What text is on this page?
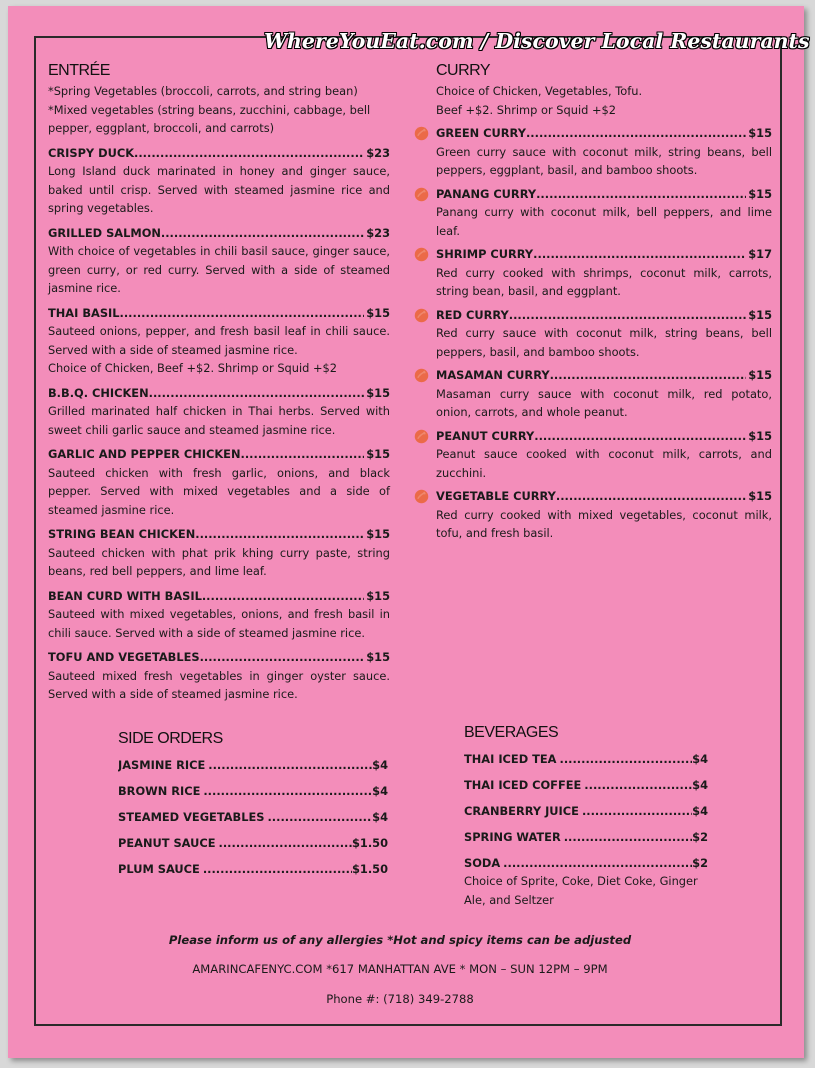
WhereYouEat.com / Discover Local Restaurants
ENTRÉE

*Spring Vegetables (broccoli, carrots, and string bean)

*Mixed vegetables (string beans, zucchini, cabbage, bell pepper, eggplant, broccoli, and carrots)

CRISPY DUCK .....	$23
Long Island duck marinated in honey and ginger sauce, baked until crisp. Served with steamed jasmine rice and spring vegetables.
GRILLED SALMON .....	$23
With choice of vegetables in chili basil sauce, ginger sauce, green curry, or red curry. Served with a side of steamed jasmine rice.
THAI BASIL .....	$15
Sauteed onions, pepper, and fresh basil leaf in chili sauce. Served with a side of steamed jasmine rice.
Choice of Chicken, Beef +$2. Shrimp or Squid +$2
B.B.Q. CHICKEN .....	$15
Grilled marinated half chicken in Thai herbs. Served with sweet chili garlic sauce and steamed jasmine rice.
GARLIC AND PEPPER CHICKEN .....	$15
Sauteed chicken with fresh garlic, onions, and black pepper. Served with mixed vegetables and a side of steamed jasmine rice.
STRING BEAN CHICKEN .....	$15
Sauteed chicken with phat prik khing curry paste, string beans, red bell peppers, and lime leaf.
BEAN CURD WITH BASIL .....	$15
Sauteed with mixed vegetables, onions, and fresh basil in chili sauce. Served with a side of steamed jasmine rice.
TOFU AND VEGETABLES .....	$15
Sauteed mixed fresh vegetables in ginger oyster sauce. Served with a side of steamed jasmine rice.
CURRY

Choice of Chicken, Vegetables, Tofu.

Beef +$2. Shrimp or Squid +$2

GREEN CURRY .....	$15
Green curry sauce with coconut milk, string beans, bell peppers, eggplant, basil, and bamboo shoots.
PANANG CURRY .....	$15
Panang curry with coconut milk, bell peppers, and lime leaf.
SHRIMP CURRY .....	$17
Red curry cooked with shrimps, coconut milk, carrots, string bean, basil, and eggplant.
RED CURRY .....	$15
Red curry sauce with coconut milk, string beans, bell peppers, basil, and bamboo shoots.
MASAMAN CURRY .....	$15
Masaman curry sauce with coconut milk, red potato, onion, carrots, and whole peanut.
PEANUT CURRY .....	$15
Peanut sauce cooked with coconut milk, carrots, and zucchini.
VEGETABLE CURRY .....	$15
Red curry cooked with mixed vegetables, coconut milk, tofu, and fresh basil.
SIDE ORDERS
JASMINE RICE .....	$4
BROWN RICE .....	$4
STEAMED VEGETABLES .....	$4
PEANUT SAUCE .....	$1.50
PLUM SAUCE .....	$1.50
BEVERAGES
THAI ICED TEA .....	$4
THAI ICED COFFEE .....	$4
CRANBERRY JUICE .....	$4
SPRING WATER .....	$2
SODA .....	$2
Choice of Sprite, Coke, Diet Coke, Ginger Ale, and Seltzer
Please inform us of any allergies *Hot and spicy items can be adjusted
AMARINCAFENYC.COM *617 MANHATTAN AVE * MON – SUN 12PM – 9PM
Phone #: (718) 349-2788
